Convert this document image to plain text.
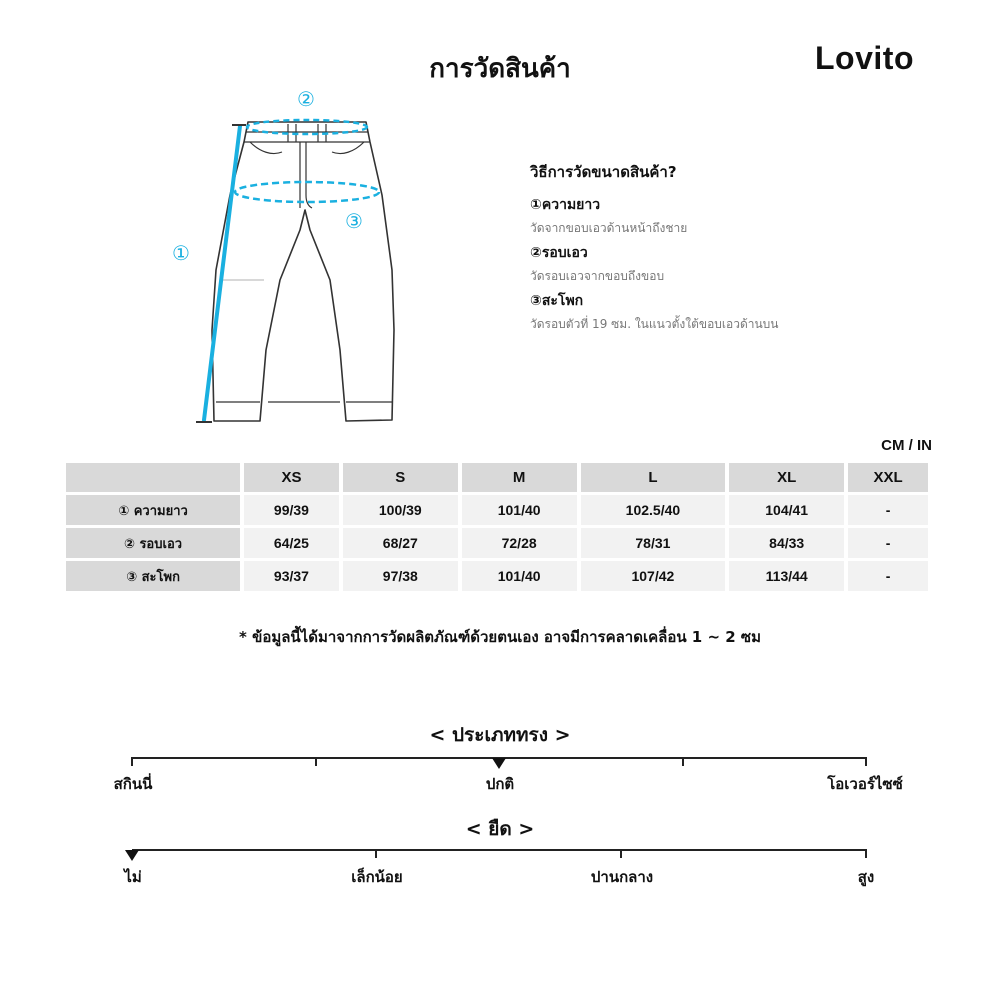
การวัดสินค้า	Lovito
②
③
①
วิธีการวัดขนาดสินค้า?
①ความยาว
วัดจากขอบเอวด้านหน้าถึงชาย
②รอบเอว
วัดรอบเอวจากขอบถึงขอบ
③สะโพก
วัดรอบตัวที่ 19 ซม. ในแนวตั้งใต้ขอบเอวด้านบน
CM / IN
	XS	S	M	L	XL	XXL
① ความยาว	99/39	100/39	101/40	102.5/40	104/41	-
② รอบเอว	64/25	68/27	72/28	78/31	84/33	-
③ สะโพก	93/37	97/38	101/40	107/42	113/44	-
* ข้อมูลนี้ได้มาจากการวัดผลิตภัณฑ์ด้วยตนเอง อาจมีการคลาดเคลื่อน 1 ~ 2 ซม
< ประเภททรง >
สกินนี่	ปกติ	โอเวอร์ไซซ์
< ยืด >
ไม่	เล็กน้อย	ปานกลาง	สูง
